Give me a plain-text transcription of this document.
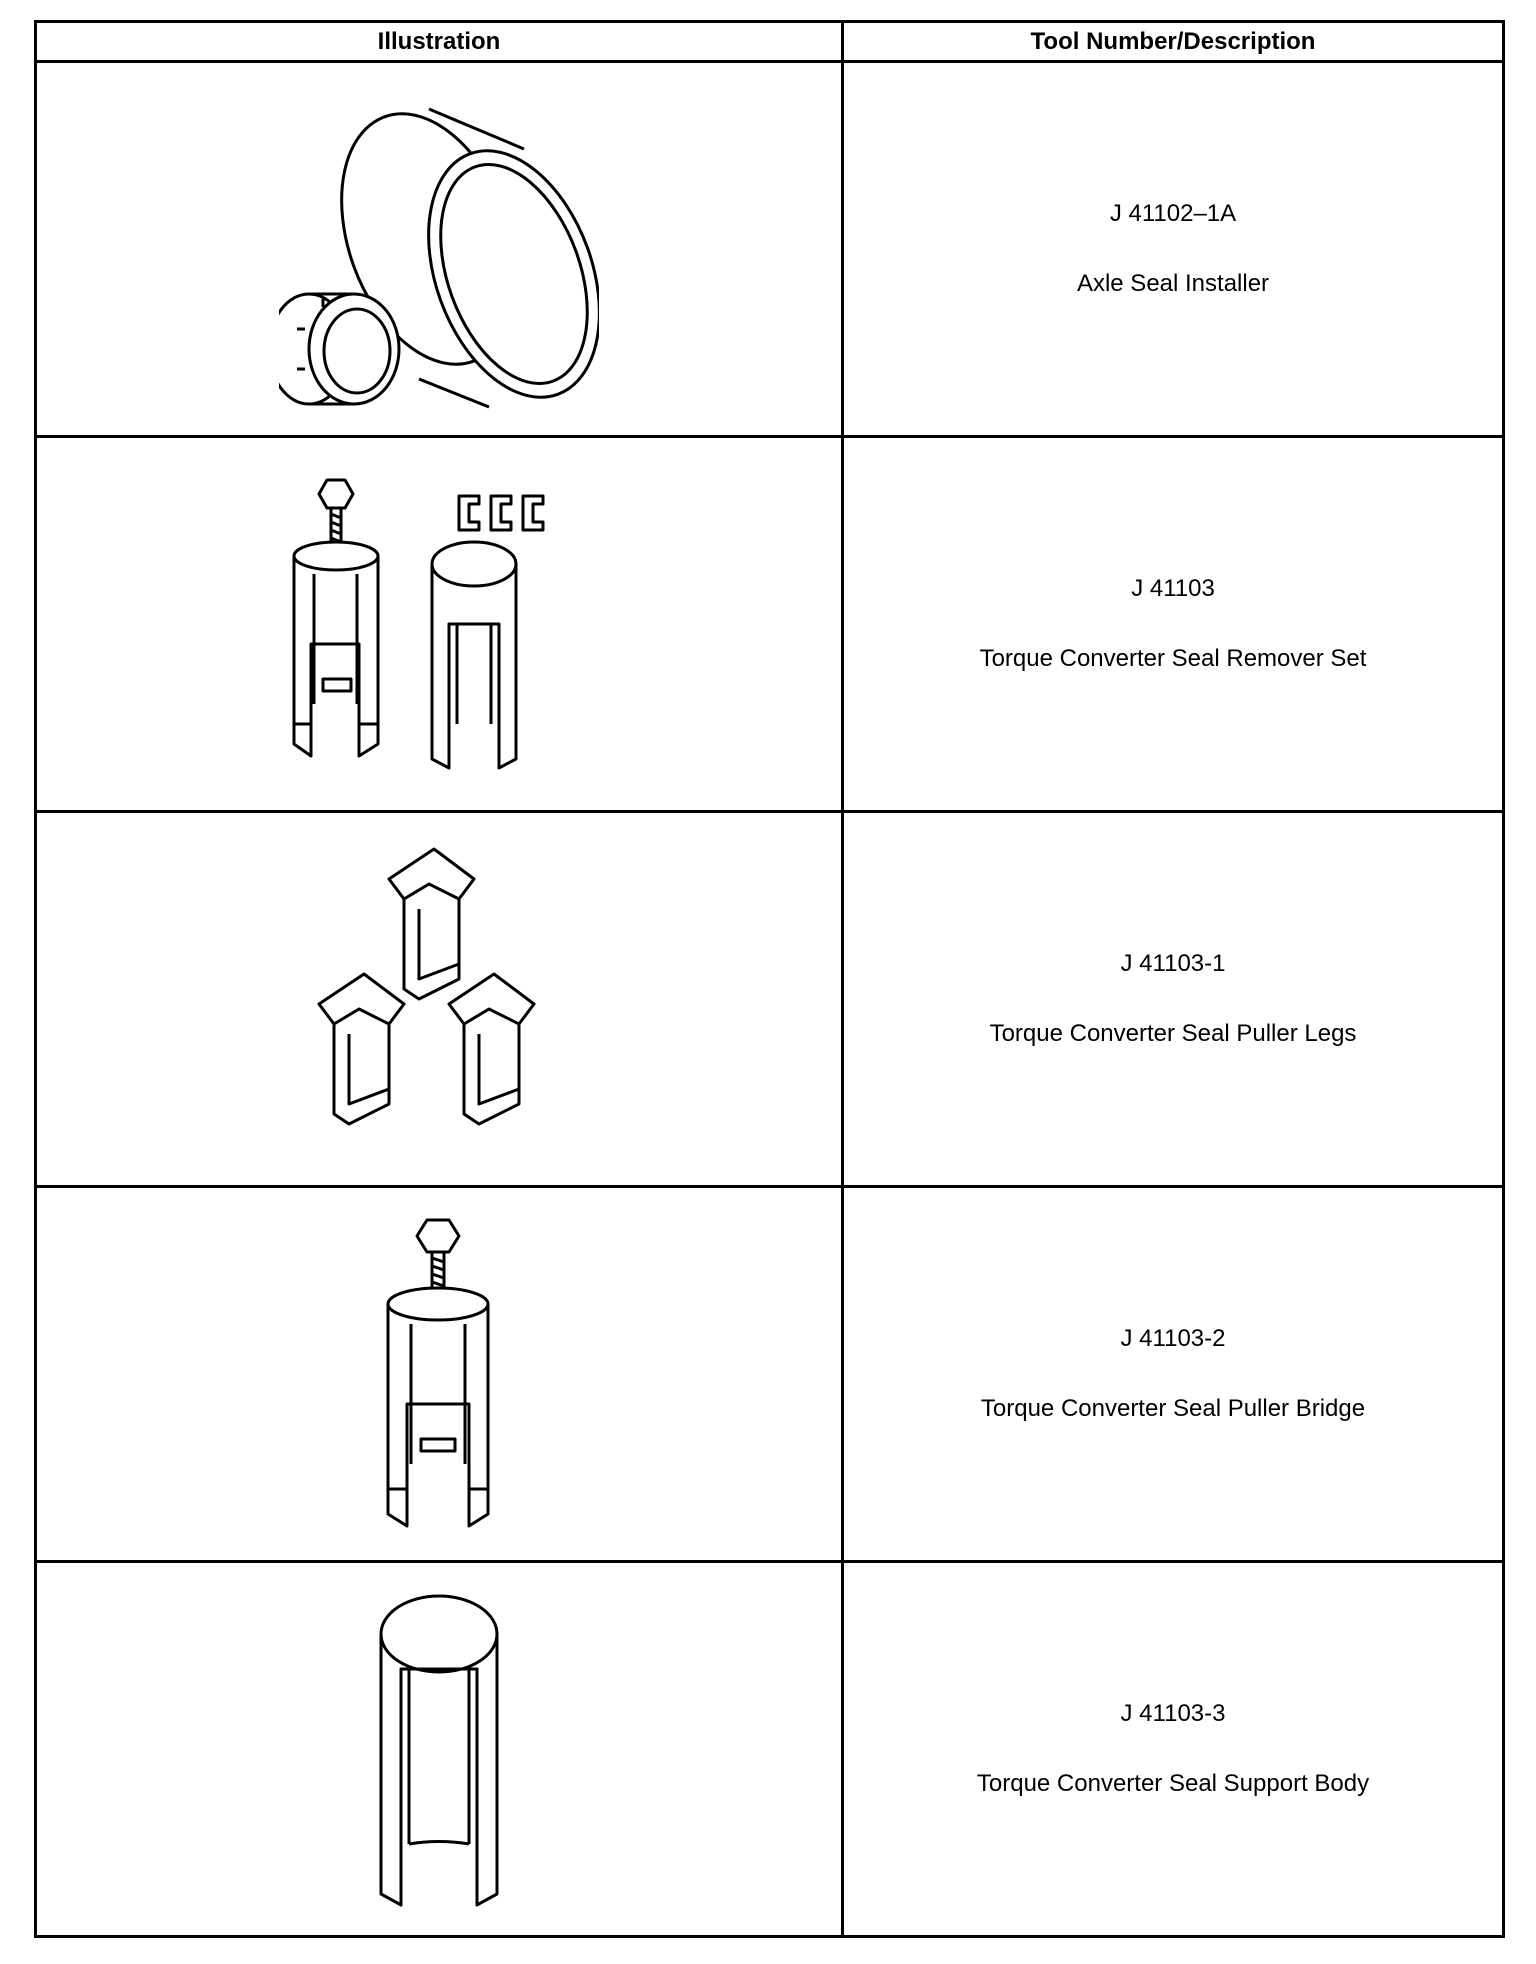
Illustration	Tool Number/Description

J 41102–1A
Axle Seal Installer

J 41103
Torque Converter Seal Remover Set

J 41103-1
Torque Converter Seal Puller Legs

J 41103-2
Torque Converter Seal Puller Bridge

J 41103-3
Torque Converter Seal Support Body
